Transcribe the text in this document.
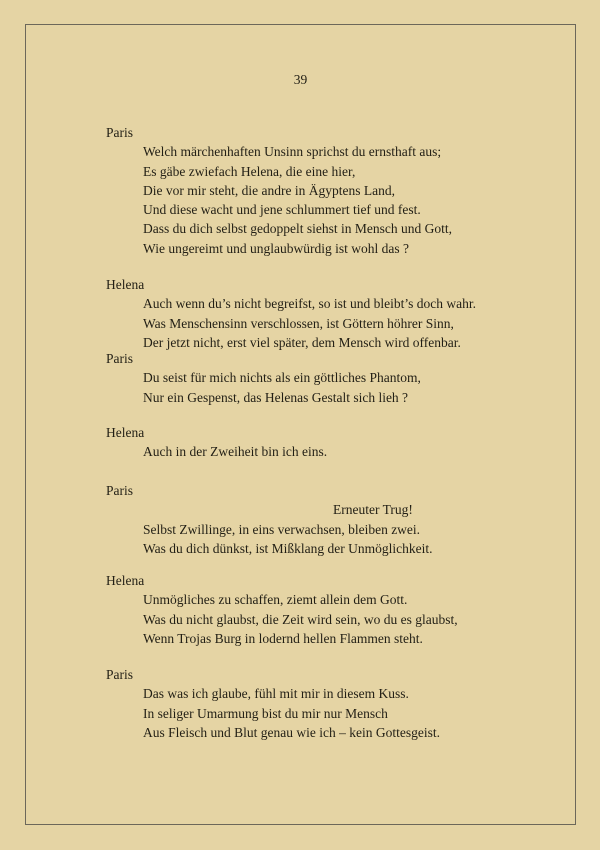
39
Paris
Welch märchenhaften Unsinn sprichst du ernsthaft aus;
Es gäbe zwiefach Helena, die eine hier,
Die vor mir steht, die andre in Ägyptens Land,
Und diese wacht und jene schlummert tief und fest.
Dass du dich selbst gedoppelt siehst in Mensch und Gott,
Wie ungereimt und unglaubwürdig ist wohl das ?
Helena
Auch wenn du’s nicht begreifst, so ist und bleibt’s doch wahr.
Was Menschensinn verschlossen, ist Göttern höhrer Sinn,
Der jetzt nicht, erst viel später, dem Mensch wird offenbar.
Paris
Du seist für mich nichts als ein göttliches Phantom,
Nur ein Gespenst, das Helenas Gestalt sich lieh ?
Helena
Auch in der Zweiheit bin ich eins.
Paris
Erneuter Trug!
Selbst Zwillinge, in eins verwachsen, bleiben zwei.
Was du dich dünkst, ist Mißklang der Unmöglichkeit.
Helena
Unmögliches zu schaffen, ziemt allein dem Gott.
Was du nicht glaubst, die Zeit wird sein, wo du es glaubst,
Wenn Trojas Burg in lodernd hellen Flammen steht.
Paris
Das was ich glaube, fühl mit mir in diesem Kuss.
In seliger Umarmung bist du mir nur Mensch
Aus Fleisch und Blut genau wie ich – kein Gottesgeist.
